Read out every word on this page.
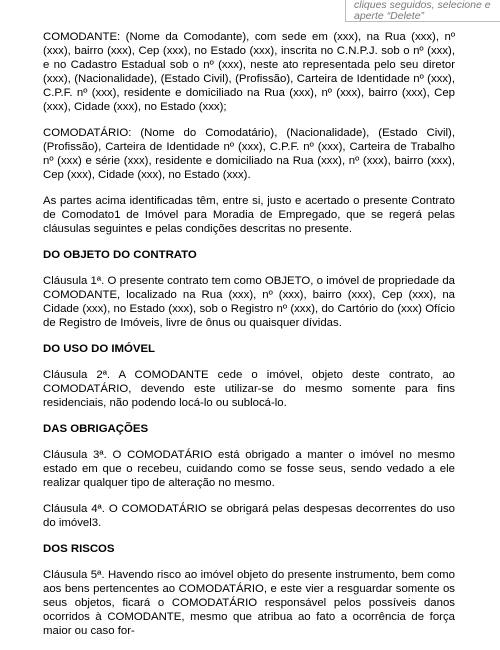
cliques seguidos, selecione e
aperte “Delete”

COMODANTE: (Nome da Comodante), com sede em (xxx), na Rua (xxx), nº (xxx), bairro (xxx), Cep (xxx), no Estado (xxx), inscrita no C.N.P.J. sob o nº (xxx), e no Cadastro Estadual sob o nº (xxx), neste ato representada pelo seu diretor (xxx), (Nacionalidade), (Estado Civil), (Profissão), Carteira de Identidade nº (xxx), C.P.F. nº (xxx), residente e domiciliado na Rua (xxx), nº (xxx), bairro (xxx), Cep (xxx), Cidade (xxx), no Estado (xxx);

COMODATÁRIO: (Nome do Comodatário), (Nacionalidade), (Estado Civil), (Profissão), Carteira de Identidade nº (xxx), C.P.F. nº (xxx), Carteira de Trabalho nº (xxx) e série (xxx), residente e domiciliado na Rua (xxx), nº (xxx), bairro (xxx), Cep (xxx), Cidade (xxx), no Estado (xxx).

As partes acima identificadas têm, entre si, justo e acertado o presente Contrato de Comodato1 de Imóvel para Moradia de Empregado, que se regerá pelas cláusulas seguintes e pelas condições descritas no presente.

DO OBJETO DO CONTRATO

Cláusula 1ª. O presente contrato tem como OBJETO, o imóvel de propriedade da COMODANTE, localizado na Rua (xxx), nº (xxx), bairro (xxx), Cep (xxx), na Cidade (xxx), no Estado (xxx), sob o Registro nº (xxx), do Cartório do (xxx) Ofício de Registro de Imóveis, livre de ônus ou quaisquer dívidas.

DO USO DO IMÓVEL

Cláusula 2ª. A COMODANTE cede o imóvel, objeto deste contrato, ao COMODATÁRIO, devendo este utilizar-se do mesmo somente para fins residenciais, não podendo locá-lo ou sublocá-lo.

DAS OBRIGAÇÕES

Cláusula 3ª. O COMODATÁRIO está obrigado a manter o imóvel no mesmo estado em que o recebeu, cuidando como se fosse seus, sendo vedado a ele realizar qualquer tipo de alteração no mesmo.

Cláusula 4ª. O COMODATÁRIO se obrigará pelas despesas decorrentes do uso do imóvel3.

DOS RISCOS

Cláusula 5ª. Havendo risco ao imóvel objeto do presente instrumento, bem como aos bens pertencentes ao COMODATÁRIO, e este vier a resguardar somente os seus objetos, ficará o COMODATÁRIO responsável pelos possíveis danos ocorridos à COMODANTE, mesmo que atribua ao fato a ocorrência de força maior ou caso for-
